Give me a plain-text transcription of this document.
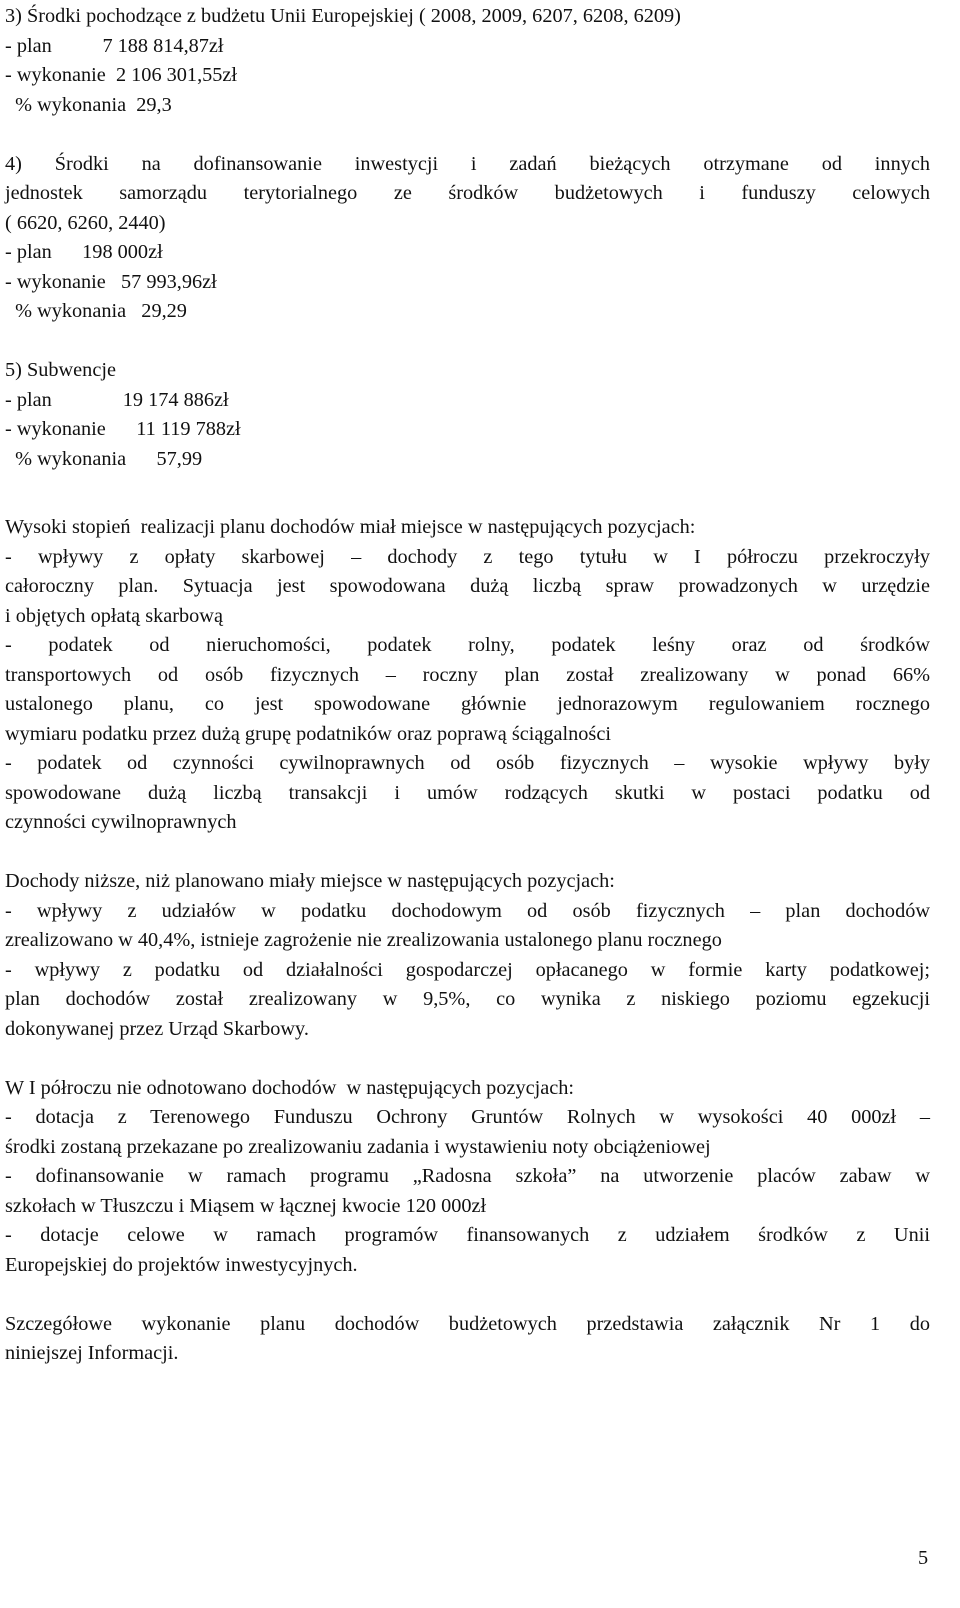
3) Środki pochodzące z budżetu Unii Europejskiej ( 2008, 2009, 6207, 6208, 6209)
- plan          7 188 814,87zł
- wykonanie  2 106 301,55zł
% wykonania  29,3
4) Środki na dofinansowanie inwestycji i zadań bieżących otrzymane od innych
jednostek samorządu terytorialnego ze środków budżetowych i funduszy celowych
( 6620, 6260, 2440)
- plan      198 000zł
- wykonanie   57 993,96zł
% wykonania   29,29
5) Subwencje
- plan              19 174 886zł
- wykonanie      11 119 788zł
% wykonania      57,99
Wysoki stopień  realizacji planu dochodów miał miejsce w następujących pozycjach:
- wpływy z opłaty skarbowej – dochody z tego tytułu w I półroczu przekroczyły
całoroczny plan. Sytuacja jest spowodowana dużą liczbą spraw prowadzonych w urzędzie
i objętych opłatą skarbową
- podatek od nieruchomości, podatek rolny, podatek leśny oraz od środków
transportowych od osób fizycznych – roczny plan został zrealizowany w ponad 66%
ustalonego planu, co jest spowodowane głównie jednorazowym regulowaniem rocznego
wymiaru podatku przez dużą grupę podatników oraz poprawą ściągalności
- podatek od czynności cywilnoprawnych od osób fizycznych – wysokie wpływy były
spowodowane dużą liczbą transakcji i umów rodzących skutki w postaci podatku od
czynności cywilnoprawnych
Dochody niższe, niż planowano miały miejsce w następujących pozycjach:
- wpływy z udziałów w podatku dochodowym od osób fizycznych – plan dochodów
zrealizowano w 40,4%, istnieje zagrożenie nie zrealizowania ustalonego planu rocznego
- wpływy z podatku od działalności gospodarczej opłacanego w formie karty podatkowej;
plan dochodów został zrealizowany w 9,5%, co wynika z niskiego poziomu egzekucji
dokonywanej przez Urząd Skarbowy.
W I półroczu nie odnotowano dochodów  w następujących pozycjach:
- dotacja z Terenowego Funduszu Ochrony Gruntów Rolnych w wysokości 40 000zł –
środki zostaną przekazane po zrealizowaniu zadania i wystawieniu noty obciążeniowej
- dofinansowanie w ramach programu „Radosna szkoła” na utworzenie placów zabaw w
szkołach w Tłuszczu i Miąsem w łącznej kwocie 120 000zł
- dotacje celowe w ramach programów finansowanych z udziałem środków z Unii
Europejskiej do projektów inwestycyjnych.
Szczegółowe wykonanie planu dochodów budżetowych przedstawia załącznik Nr 1 do
niniejszej Informacji.
5
